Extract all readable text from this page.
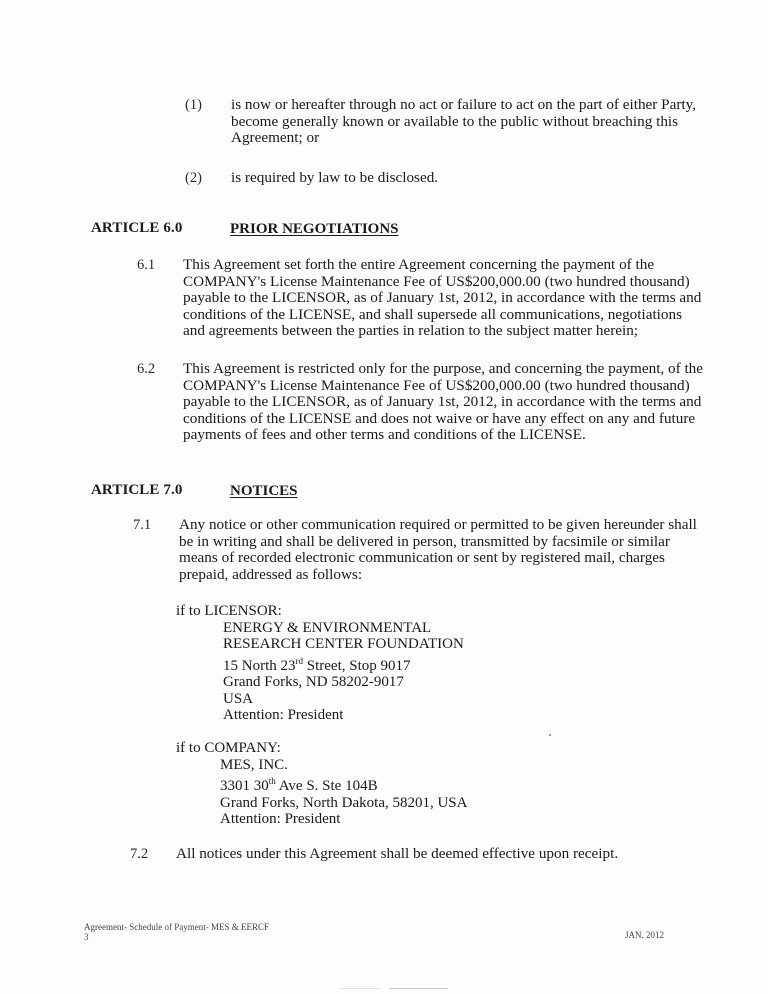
(1) is now or hereafter through no act or failure to act on the part of either Party,
become generally known or available to the public without breaching this
Agreement; or
(2) is required by law to be disclosed.
ARTICLE 6.0	PRIOR NEGOTIATIONS
6.1 This Agreement set forth the entire Agreement concerning the payment of the
COMPANY's License Maintenance Fee of US$200,000.00 (two hundred thousand)
payable to the LICENSOR, as of January 1st, 2012, in accordance with the terms and
conditions of the LICENSE, and shall supersede all communications, negotiations
and agreements between the parties in relation to the subject matter herein;
6.2 This Agreement is restricted only for the purpose, and concerning the payment, of the
COMPANY's License Maintenance Fee of US$200,000.00 (two hundred thousand)
payable to the LICENSOR, as of January 1st, 2012, in accordance with the terms and
conditions of the LICENSE and does not waive or have any effect on any and future
payments of fees and other terms and conditions of the LICENSE.
ARTICLE 7.0	NOTICES
7.1 Any notice or other communication required or permitted to be given hereunder shall
be in writing and shall be delivered in person, transmitted by facsimile or similar
means of recorded electronic communication or sent by registered mail, charges
prepaid, addressed as follows:
if to LICENSOR:
ENERGY & ENVIRONMENTAL
RESEARCH CENTER FOUNDATION
15 North 23rd Street, Stop 9017
Grand Forks, ND 58202-9017
USA
Attention: President
if to COMPANY:
MES, INC.
3301 30th Ave S. Ste 104B
Grand Forks, North Dakota, 58201, USA
Attention: President
7.2 All notices under this Agreement shall be deemed effective upon receipt.
Agreement- Schedule of Payment- MES & EERCF
3	JAN. 2012
